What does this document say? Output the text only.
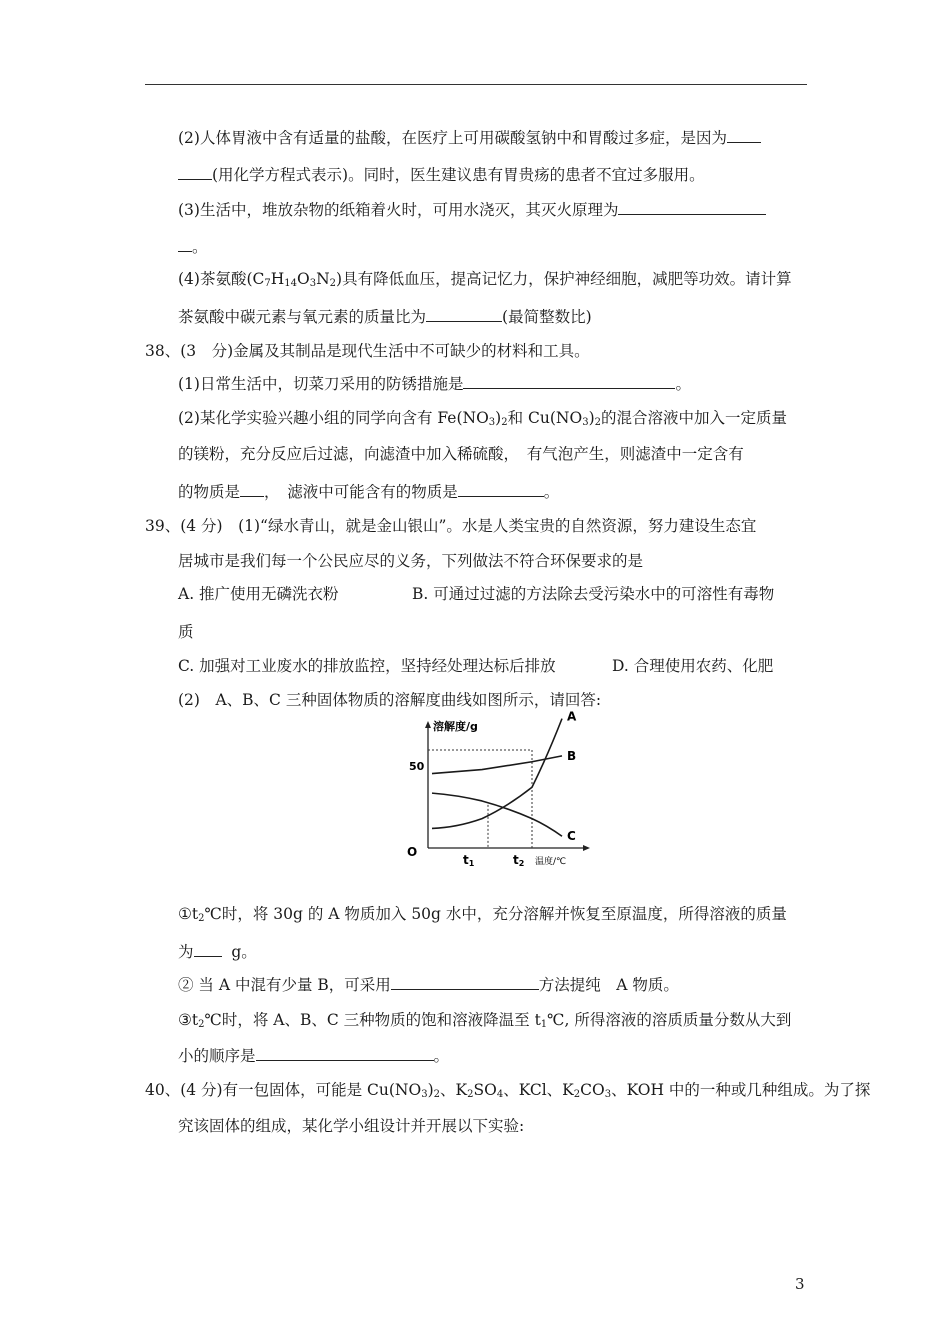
(2)人体胃液中含有适量的盐酸，在医疗上可用碳酸氢钠中和胃酸过多症，是因为
(用化学方程式表示)。同时，医生建议患有胃贵疡的患者不宜过多服用。
(3)生活中，堆放杂物的纸箱着火时，可用水浇灭，其灭火原理为
。
(4)茶氨酸$(C_7H_{14}O_3N_2)$具有降低血压，提高记忆力，保护神经细胞，减肥等功效。请计算
茶氨酸中碳元素与氧元素的质量比为	(最简整数比)
38、(3　分)金属及其制品是现代生活中不可缺少的材料和工具。
(1)日常生活中，切菜刀采用的防锈措施是	。
(2)某化学实验兴趣小组的同学向含有 $Fe(NO_3)_2$和 $Cu(NO_3)_2$的混合溶液中加入一定质量
的镁粉，充分反应后过滤，向滤渣中加入稀硫酸，　有气泡产生，则滤渣中一定含有
的物质是 ，　滤液中可能含有的物质是	。
39、(4 分)　(1)“绿水青山，就是金山银山”。水是人类宝贵的自然资源，努力建设生态宜
居城市是我们每一个公民应尽的义务，下列做法不符合环保要求的是
A. 推广使用无磷洗衣粉	B. 可通过过滤的方法除去受污染水中的可溶性有毒物
质
C. 加强对工业废水的排放监控，坚持经处理达标后排放	D. 合理使用农药、化肥
(2)　A、B、C 三种固体物质的溶解度曲线如图所示，请回答:
溶解度/g
50
O
t1	t2 温度/℃
A
B
C
$①t_2℃$时，将 30g 的 A 物质加入 50g 水中，充分溶解并恢复至原温度，所得溶液的质量
为 g。
② 当 A 中混有少量 B，可采用	方法提纯　A 物质。
$③t_2℃$时，将 A、B、C 三种物质的饱和溶液降温至 $t_1℃$, 所得溶液的溶质质量分数从大到
小的顺序是	。
40、(4 分)有一包固体，可能是 $Cu(NO_3)_2$、$K_2SO_4$、KCl、$K_2CO_3$、KOH 中的一种或几种组成。为了探
究该固体的组成，某化学小组设计并开展以下实验:
3
